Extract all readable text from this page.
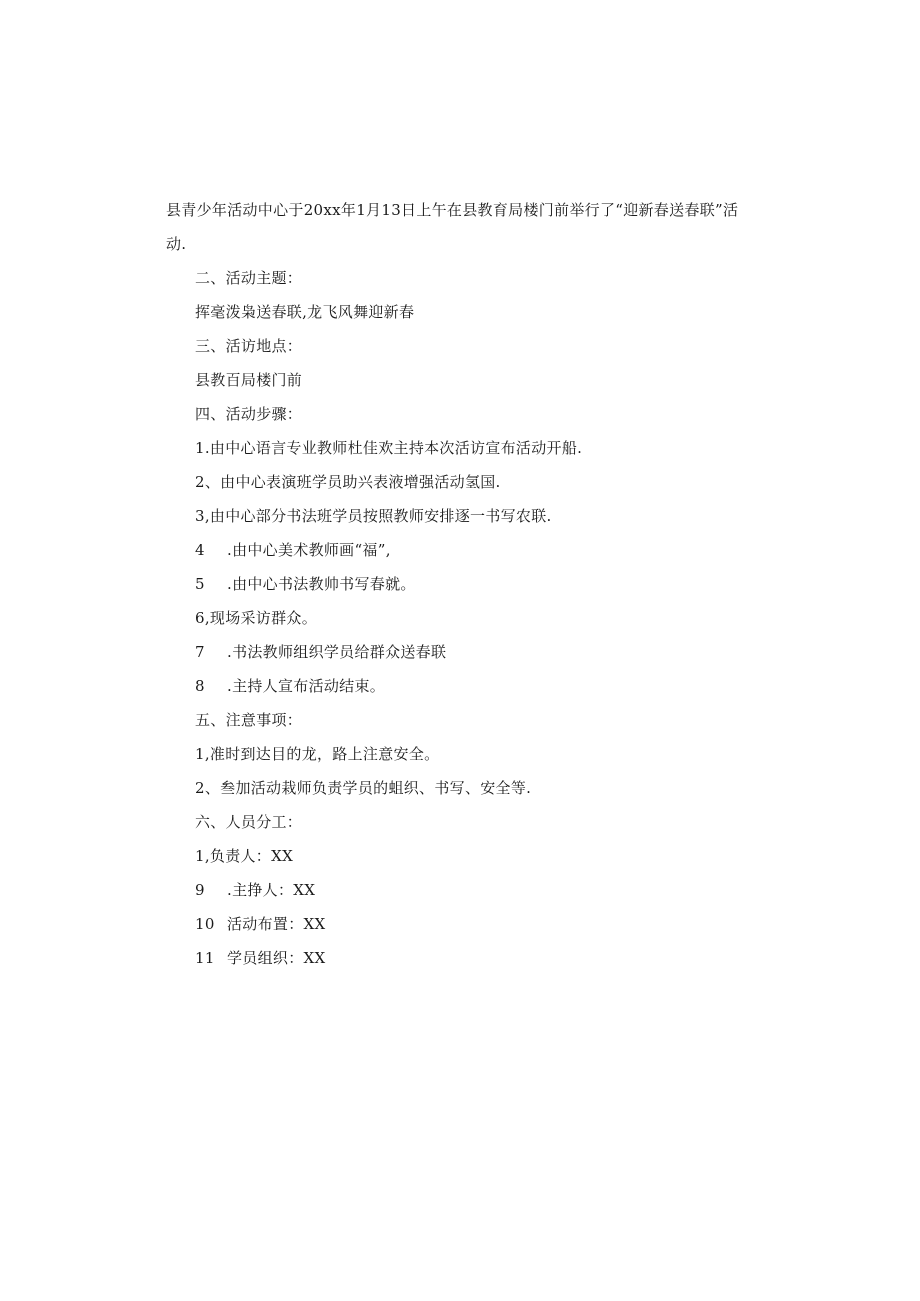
县青少年活动中心于20xx年1月13日上午在县教育局楼门前举行了“迎新春送春联”活
动.
二、活动主题：
挥毫泼枭送春联,龙飞风舞迎新春
三、活访地点：
县教百局楼门前
四、活动步骤：
1.由中心语言专业教师杜佳欢主持本次活访宣布活动开船.
2、由中心表演班学员助兴表液增强活动氢国.
3,由中心部分书法班学员按照教师安排逐一书写农联.
4 .由中心美术教师画“福”,
5 .由中心书法教帅书写春就。
6,现场采访群众。
7 .书法教师组织学员给群众送春联
8 .主持人宣布活动结束。
五、注意事项：
1,准时到达目的龙，路上注意安全。
2、叁加活动栽师负责学员的蛆织、书写、安全等.
六、人员分工：
1,负责人：XX
9 .主挣人：XX
10 活动布置：XX
11 学员组织：XX
